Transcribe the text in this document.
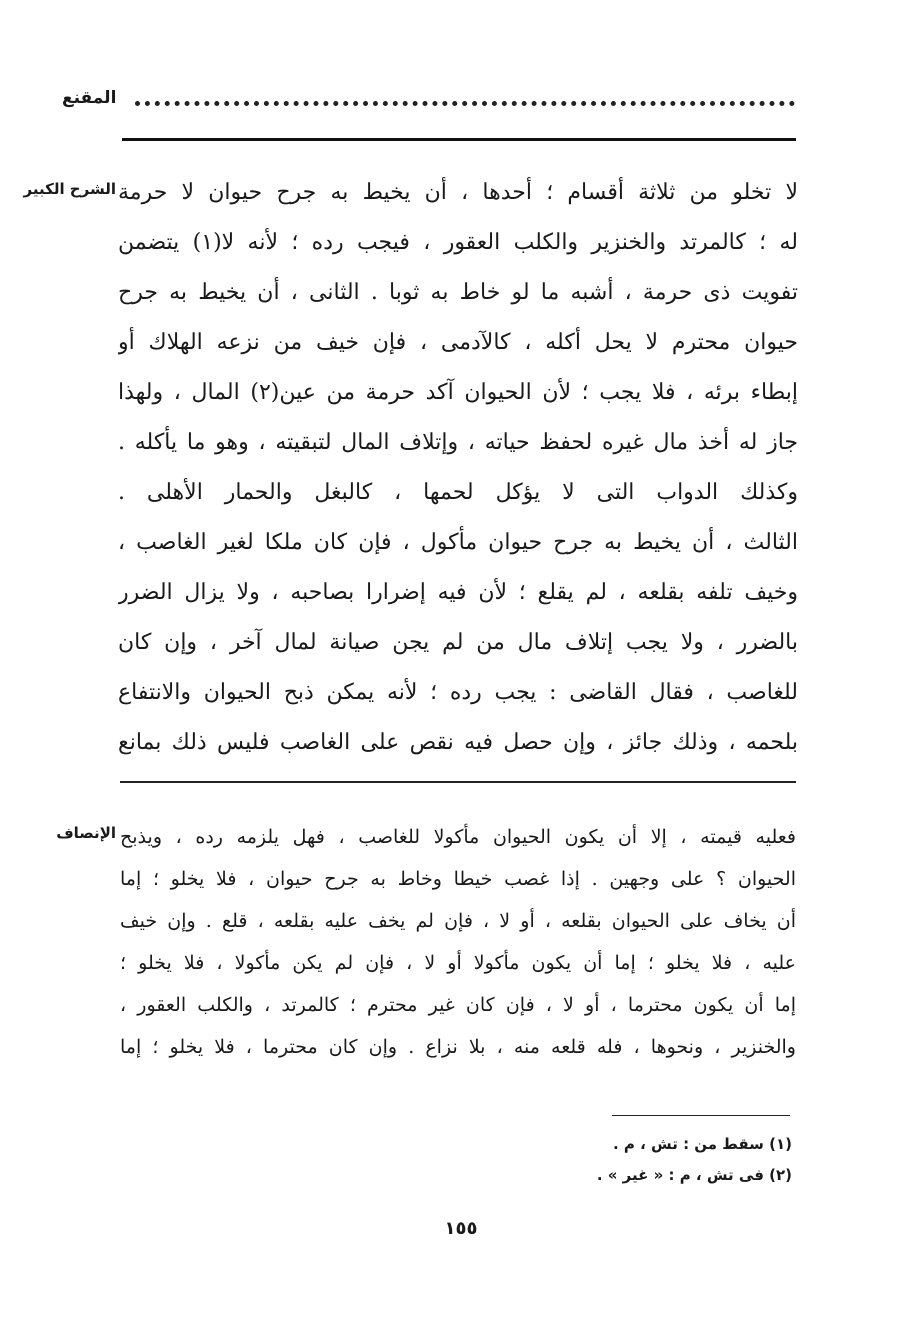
المقنع
الشرح الكبير لا تخلو من ثلاثة أقسام ؛ أحدها ، أن يخيط به جرح حيوان لا حرمة
له ؛ كالمرتد والخنزير والكلب العقور ، فيجب رده ؛ لأنه لا(١) يتضمن
تفويت ذى حرمة ، أشبه ما لو خاط به ثوبا . الثانى ، أن يخيط به جرح
حيوان محترم لا يحل أكله ، كالآدمى ، فإن خيف من نزعه الهلاك أو
إبطاء برئه ، فلا يجب ؛ لأن الحيوان آكد حرمة من عين(٢) المال ، ولهذا
جاز له أخذ مال غيره لحفظ حياته ، وإتلاف المال لتبقيته ، وهو ما يأكله .
وكذلك الدواب التى لا يؤكل لحمها ، كالبغل والحمار الأهلى .
الثالث ، أن يخيط به جرح حيوان مأكول ، فإن كان ملكا لغير الغاصب ،
وخيف تلفه بقلعه ، لم يقلع ؛ لأن فيه إضرارا بصاحبه ، ولا يزال الضرر
بالضرر ، ولا يجب إتلاف مال من لم يجن صيانة لمال آخر ، وإن كان
للغاصب ، فقال القاضى : يجب رده ؛ لأنه يمكن ذبح الحيوان والانتفاع
بلحمه ، وذلك جائز ، وإن حصل فيه نقص على الغاصب فليس ذلك بمانع
الإنصاف فعليه قيمته ، إلا أن يكون الحيوان مأكولا للغاصب ، فهل يلزمه رده ، ويذبح
الحيوان ؟ على وجهين . إذا غصب خيطا وخاط به جرح حيوان ، فلا يخلو ؛ إما
أن يخاف على الحيوان بقلعه ، أو لا ، فإن لم يخف عليه بقلعه ، قلع . وإن خيف
عليه ، فلا يخلو ؛ إما أن يكون مأكولا أو لا ، فإن لم يكن مأكولا ، فلا يخلو ؛
إما أن يكون محترما ، أو لا ، فإن كان غير محترم ؛ كالمرتد ، والكلب العقور ،
والخنزير ، ونحوها ، فله قلعه منه ، بلا نزاع . وإن كان محترما ، فلا يخلو ؛ إما
(١) سقط من : تش ، م .
(٢) فى تش ، م : « غير » .
١٥٥
